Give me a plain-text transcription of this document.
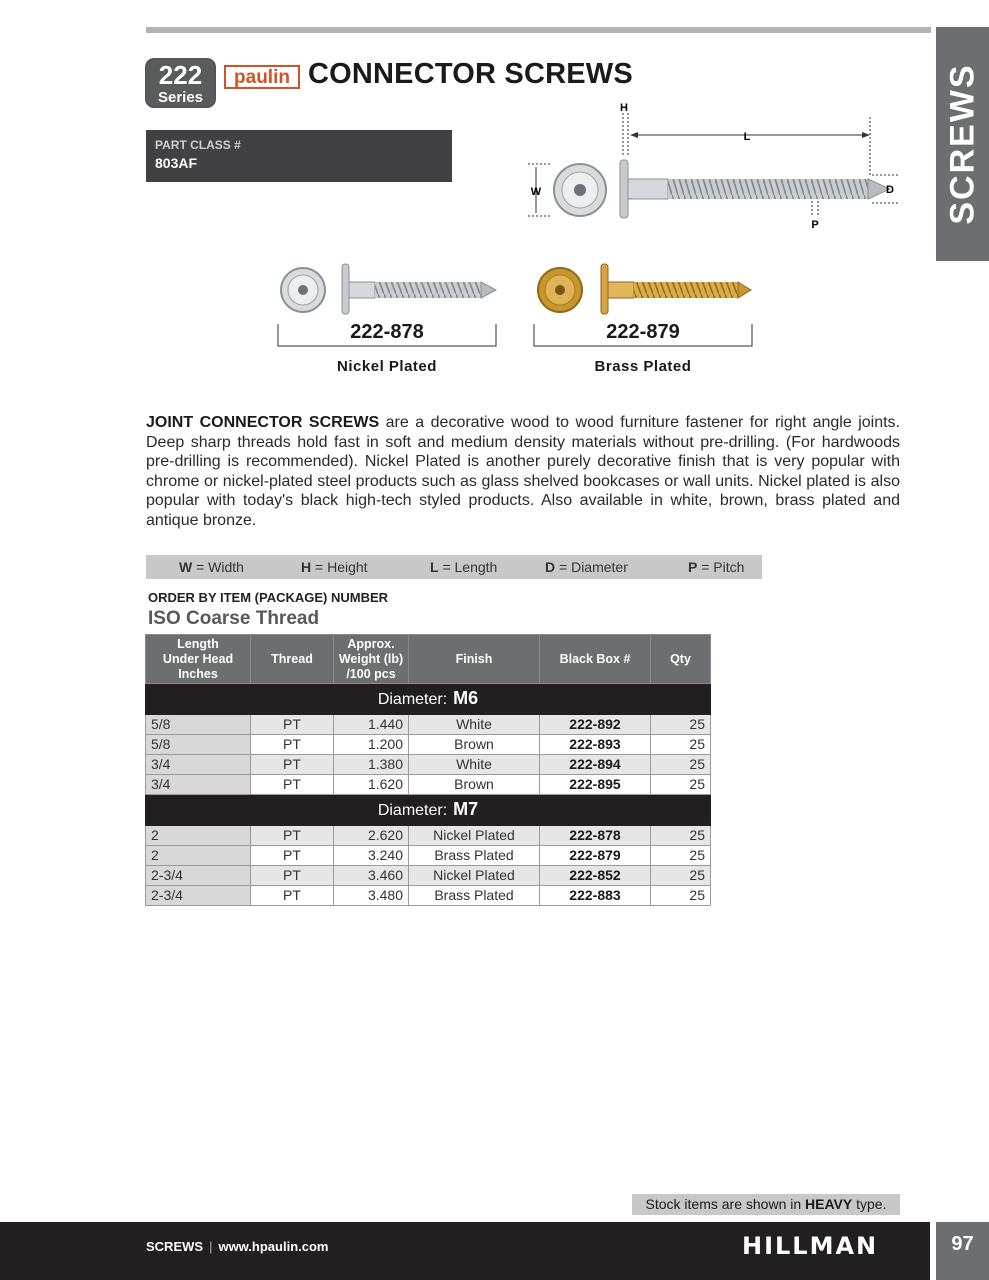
SCREWS
222
Series
paulin CONNECTOR SCREWS
PART CLASS #
803AF
W
H
L
D
P
222-878
Nickel Plated
222-879
Brass Plated
JOINT CONNECTOR SCREWS are a decorative wood to wood furniture fastener for right angle joints. Deep sharp threads hold fast in soft and medium density materials without pre-drilling. (For hardwoods pre-drilling is recommended). Nickel Plated is another purely decorative finish that is very popular with chrome or nickel-plated steel products such as glass shelved bookcases or wall units. Nickel plated is also popular with today's black high-tech styled products. Also available in white, brown, brass plated and antique bronze.
W = Width	H = Height	L = Length	D = Diameter	P = Pitch
ORDER BY ITEM (PACKAGE) NUMBER
ISO Coarse Thread
Length
Under Head
Inches	Thread	Approx.
Weight (lb)
/100 pcs	Finish	Black Box #	Qty
Diameter: M6					
5/8	PT	1.440	White	222-892	25
5/8	PT	1.200	Brown	222-893	25
3/4	PT	1.380	White	222-894	25
3/4	PT	1.620	Brown	222-895	25
Diameter: M7					
2	PT	2.620	Nickel Plated	222-878	25
2	PT	3.240	Brass Plated	222-879	25
2-3/4	PT	3.460	Nickel Plated	222-852	25
2-3/4	PT	3.480	Brass Plated	222-883	25
Stock items are shown in HEAVY type.
SCREWS | www.hpaulin.com	HILLMAN	97
